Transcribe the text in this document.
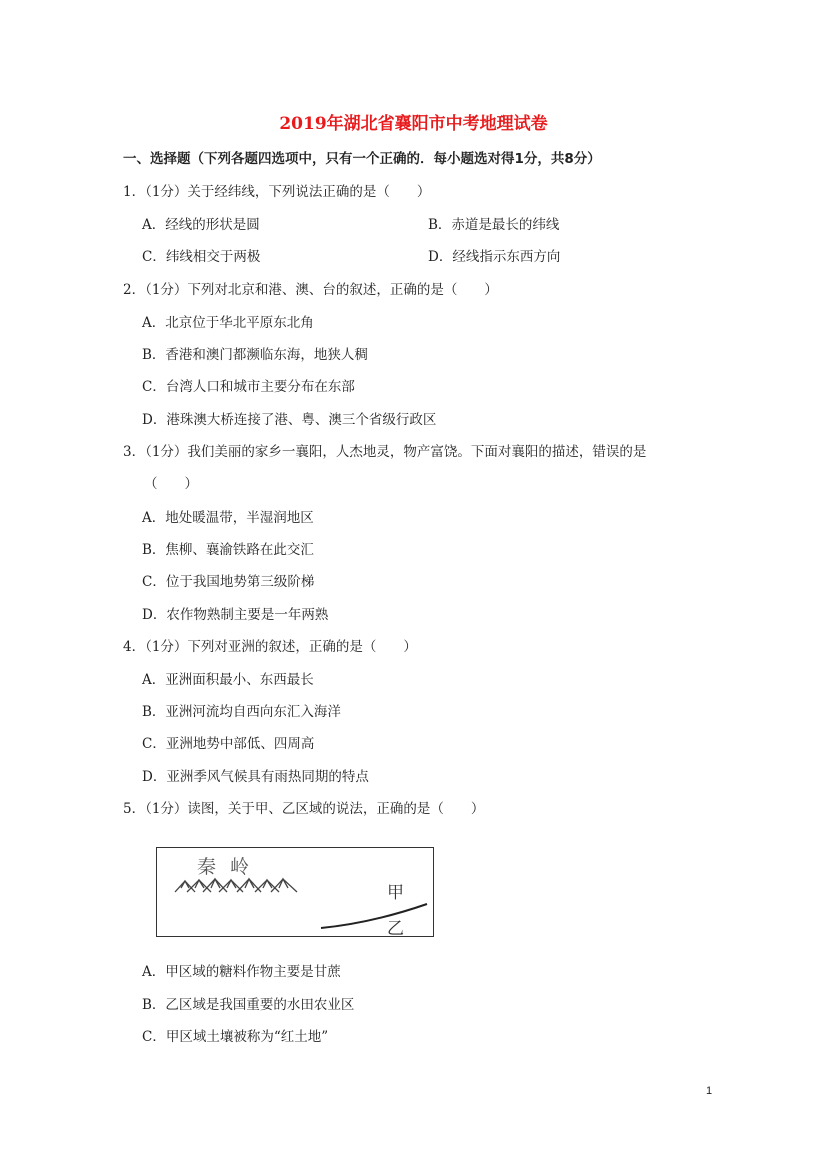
2019年湖北省襄阳市中考地理试卷
一、选择题（下列各题四选项中，只有一个正确的．每小题选对得1分，共8分）
1．（1分）关于经纬线，下列说法正确的是（　　）
A．经线的形状是圆	B．赤道是最长的纬线
C．纬线相交于两极	D．经线指示东西方向
2．（1分）下列对北京和港、澳、台的叙述，正确的是（　　）
A．北京位于华北平原东北角
B．香港和澳门都濒临东海，地狭人稠
C．台湾人口和城市主要分布在东部
D．港珠澳大桥连接了港、粤、澳三个省级行政区
3．（1分）我们美丽的家乡一襄阳，人杰地灵，物产富饶。下面对襄阳的描述，错误的是
（　　）
A．地处暖温带，半湿润地区
B．焦柳、襄渝铁路在此交汇
C．位于我国地势第三级阶梯
D．农作物熟制主要是一年两熟
4．（1分）下列对亚洲的叙述，正确的是（　　）
A．亚洲面积最小、东西最长
B．亚洲河流均自西向东汇入海洋
C．亚洲地势中部低、四周高
D．亚洲季风气候具有雨热同期的特点
5．（1分）读图，关于甲、乙区域的说法，正确的是（　　）
秦 岭
甲
乙
A．甲区域的糖料作物主要是甘蔗
B．乙区域是我国重要的水田农业区
C．甲区域土壤被称为“红土地”
1
